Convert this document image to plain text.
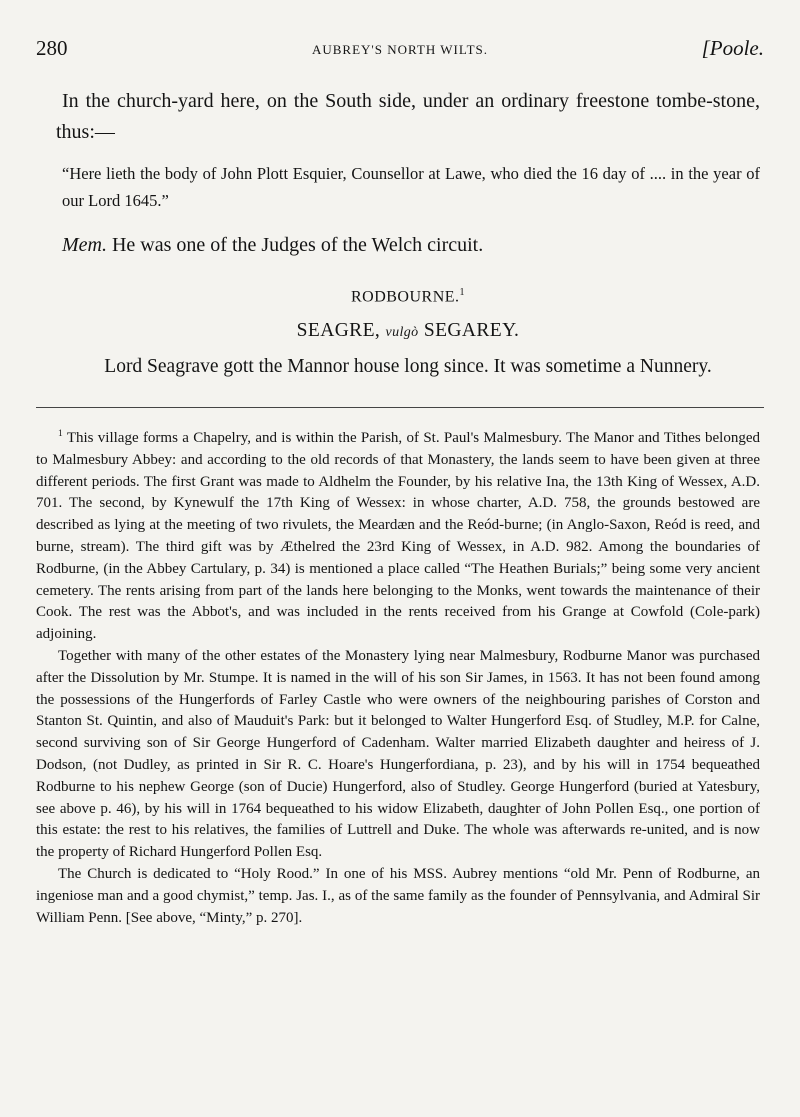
280	AUBREY'S NORTH WILTS.	[Poole.

In the church-yard here, on the South side, under an ordinary freestone tombe-stone, thus:—

“Here lieth the body of John Plott Esquier, Counsellor at Lawe, who died the 16 day of .... in the year of our Lord 1645.”

Mem. He was one of the Judges of the Welch circuit.
RODBOURNE.$^1$
SEAGRE, vulgò SEGAREY.
Lord Seagrave gott the Mannor house long since. It was sometime a Nunnery.

$^1$ This village forms a Chapelry, and is within the Parish, of St. Paul's Malmesbury. The Manor and Tithes belonged to Malmesbury Abbey: and according to the old records of that Monastery, the lands seem to have been given at three different periods. The first Grant was made to Aldhelm the Founder, by his relative Ina, the 13th King of Wessex, A.D. 701. The second, by Kynewulf the 17th King of Wessex: in whose charter, A.D. 758, the grounds bestowed are described as lying at the meeting of two rivulets, the Meardæn and the Reód-burne; (in Anglo-Saxon, Reód is reed, and burne, stream). The third gift was by Æthelred the 23rd King of Wessex, in A.D. 982. Among the boundaries of Rodburne, (in the Abbey Cartulary, p. 34) is mentioned a place called “The Heathen Burials;” being some very ancient cemetery. The rents arising from part of the lands here belonging to the Monks, went towards the maintenance of their Cook. The rest was the Abbot's, and was included in the rents received from his Grange at Cowfold (Cole-park) adjoining.

Together with many of the other estates of the Monastery lying near Malmesbury, Rodburne Manor was purchased after the Dissolution by Mr. Stumpe. It is named in the will of his son Sir James, in 1563. It has not been found among the possessions of the Hungerfords of Farley Castle who were owners of the neighbouring parishes of Corston and Stanton St. Quintin, and also of Mauduit's Park: but it belonged to Walter Hungerford Esq. of Studley, M.P. for Calne, second surviving son of Sir George Hungerford of Cadenham. Walter married Elizabeth daughter and heiress of J. Dodson, (not Dudley, as printed in Sir R. C. Hoare's Hungerfordiana, p. 23), and by his will in 1754 bequeathed Rodburne to his nephew George (son of Ducie) Hungerford, also of Studley. George Hungerford (buried at Yatesbury, see above p. 46), by his will in 1764 bequeathed to his widow Elizabeth, daughter of John Pollen Esq., one portion of this estate: the rest to his relatives, the families of Luttrell and Duke. The whole was afterwards re-united, and is now the property of Richard Hungerford Pollen Esq.

The Church is dedicated to “Holy Rood.” In one of his MSS. Aubrey mentions “old Mr. Penn of Rodburne, an ingeniose man and a good chymist,” temp. Jas. I., as of the same family as the founder of Pennsylvania, and Admiral Sir William Penn. [See above, “Minty,” p. 270].
